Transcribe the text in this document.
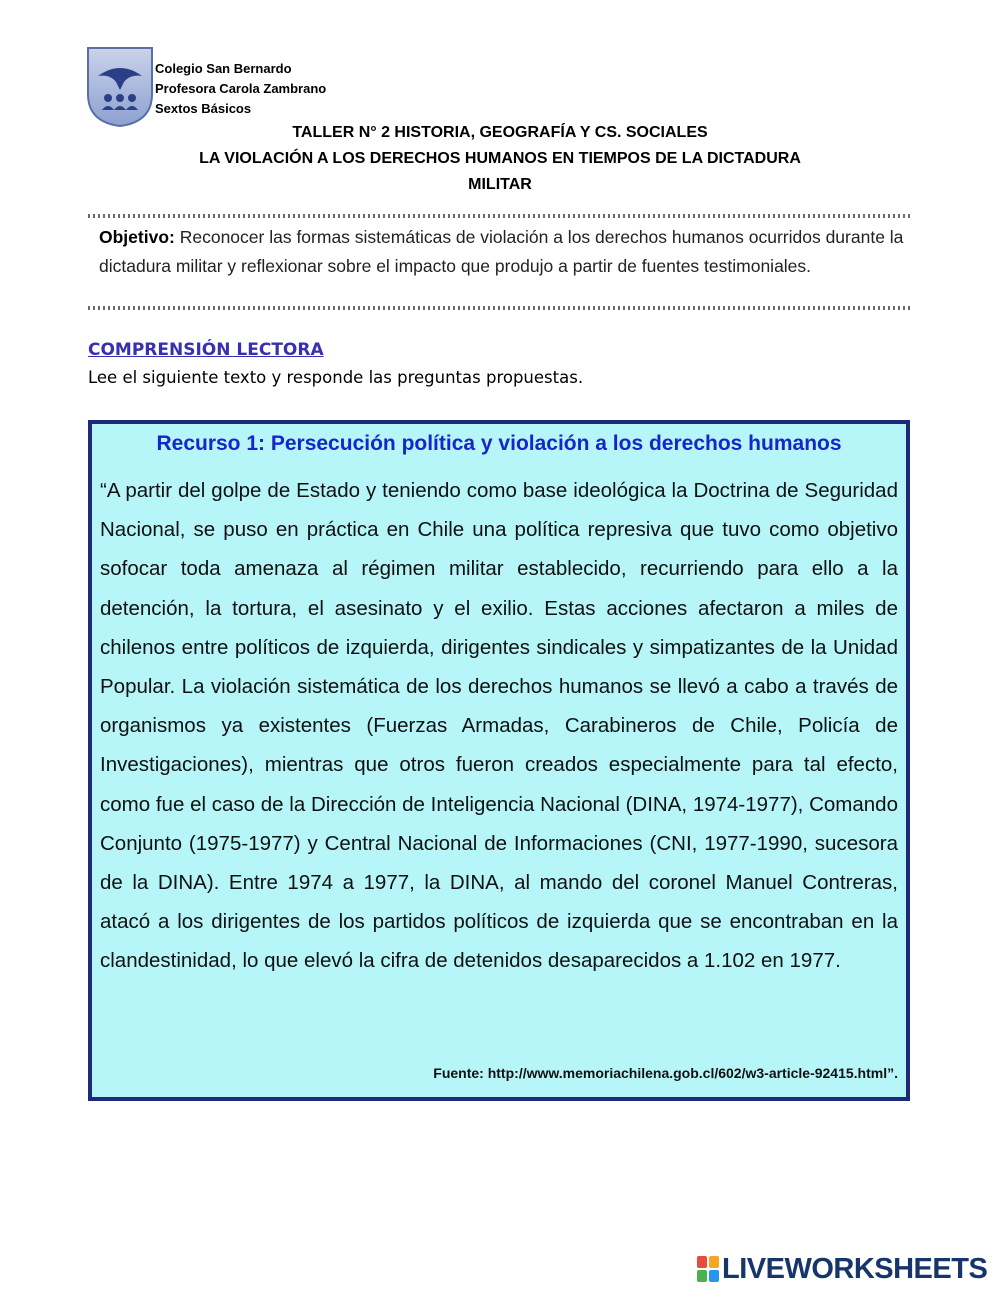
Colegio San Bernardo
Profesora Carola Zambrano
Sextos Básicos
TALLER N° 2 HISTORIA, GEOGRAFÍA Y CS. SOCIALES
LA VIOLACIÓN A LOS DERECHOS HUMANOS EN TIEMPOS DE LA DICTADURA
MILITAR
Objetivo: Reconocer las formas sistemáticas de violación a los derechos humanos ocurridos durante la dictadura militar y reflexionar sobre el impacto que produjo a partir de fuentes testimoniales.
COMPRENSIÓN LECTORA
Lee el siguiente texto y responde las preguntas propuestas.
Recurso 1: Persecución política y violación a los derechos humanos

“A partir del golpe de Estado y teniendo como base ideológica la Doctrina de Seguridad Nacional, se puso en práctica en Chile una política represiva que tuvo como objetivo sofocar toda amenaza al régimen militar establecido, recurriendo para ello a la detención, la tortura, el asesinato y el exilio. Estas acciones afectaron a miles de chilenos entre políticos de izquierda, dirigentes sindicales y simpatizantes de la Unidad Popular. La violación sistemática de los derechos humanos se llevó a cabo a través de organismos ya existentes (Fuerzas Armadas, Carabineros de Chile, Policía de Investigaciones), mientras que otros fueron creados especialmente para tal efecto, como fue el caso de la Dirección de Inteligencia Nacional (DINA, 1974-1977), Comando Conjunto (1975-1977) y Central Nacional de Informaciones (CNI, 1977-1990, sucesora de la DINA). Entre 1974 a 1977, la DINA, al mando del coronel Manuel Contreras, atacó a los dirigentes de los partidos políticos de izquierda que se encontraban en la clandestinidad, lo que elevó la cifra de detenidos desaparecidos a 1.102 en 1977.

Fuente: http://www.memoriachilena.gob.cl/602/w3-article-92415.html”.
LIVEWORKSHEETS
